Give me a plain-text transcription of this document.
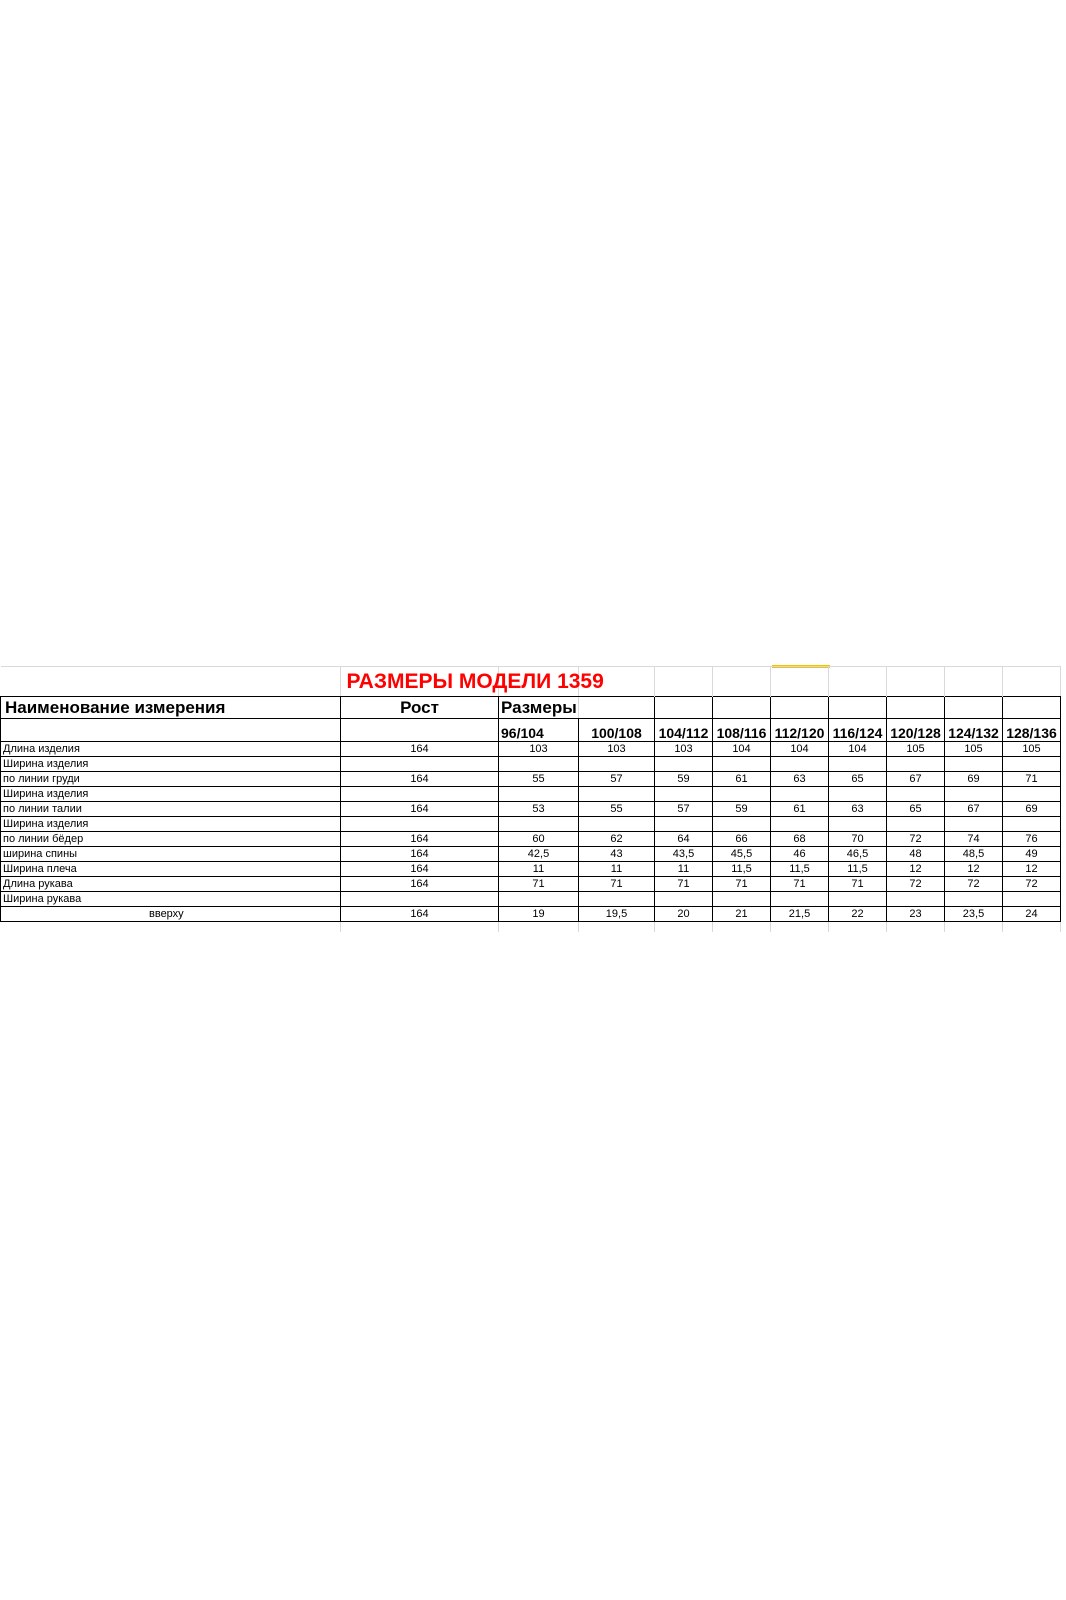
	РАЗМЕРЫ МОДЕЛИ 1359									
Наименование измерения	Рост	Размеры								
		96/104	100/108	104/112	108/116	112/120	116/124	120/128	124/132	128/136
Длина изделия	164	103	103	103	104	104	104	105	105	105
Ширина изделия										
по линии груди	164	55	57	59	61	63	65	67	69	71
Ширина изделия										
по линии талии	164	53	55	57	59	61	63	65	67	69
Ширина изделия										
по линии бёдер	164	60	62	64	66	68	70	72	74	76
ширина спины	164	42,5	43	43,5	45,5	46	46,5	48	48,5	49
Ширина плеча	164	11	11	11	11,5	11,5	11,5	12	12	12
Длина рукава	164	71	71	71	71	71	71	72	72	72
Ширина рукава										
вверху	164	19	19,5	20	21	21,5	22	23	23,5	24
